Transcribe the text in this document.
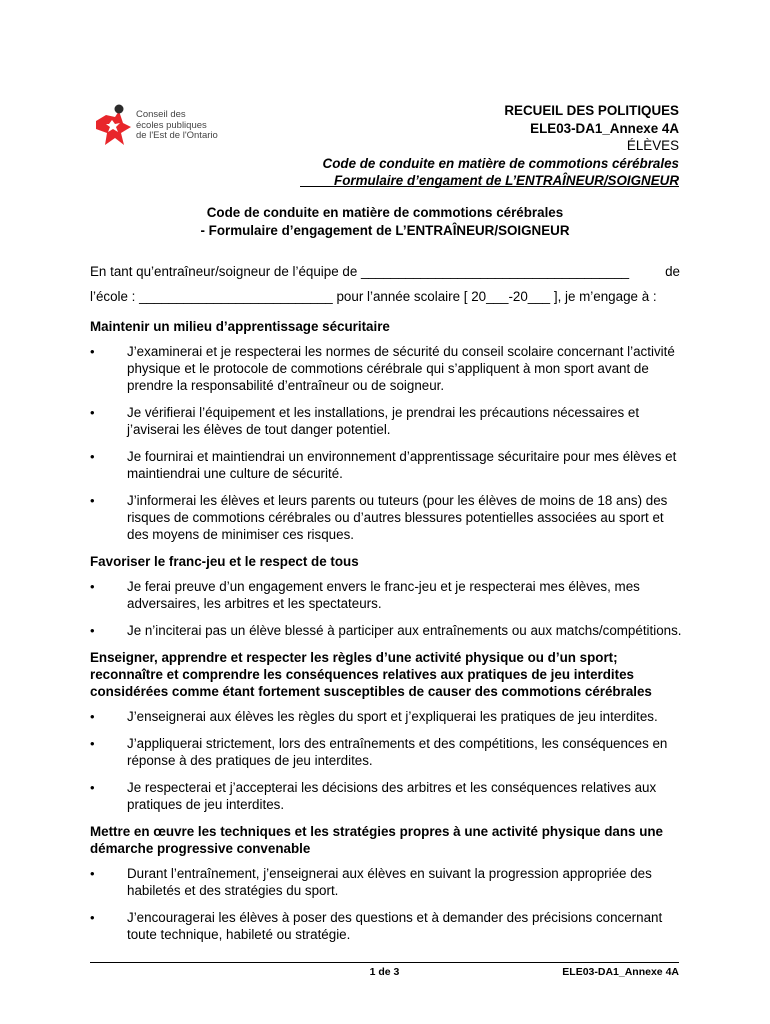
Conseil des
écoles publiques
de l'Est de l'Ontario
RECUEIL DES POLITIQUES
ELE03-DA1_Annexe 4A
ÉLÈVES
Code de conduite en matière de commotions cérébrales
Formulaire d’engament de L’ENTRAÎNEUR/SOIGNEUR
Code de conduite en matière de commotions cérébrales
- Formulaire d’engagement de L’ENTRAÎNEUR/SOIGNEUR
En tant qu’entraîneur/soigneur de l’équipe de ____________________________________	de
l’école : __________________________ pour l’année scolaire [ 20___-20___ ], je m’engage à :
Maintenir un milieu d’apprentissage sécuritaire
• J’examinerai et je respecterai les normes de sécurité du conseil scolaire concernant l’activité physique et le protocole de commotions cérébrale qui s’appliquent à mon sport avant de prendre la responsabilité d’entraîneur ou de soigneur.
• Je vérifierai l’équipement et les installations, je prendrai les précautions nécessaires et j’aviserai les élèves de tout danger potentiel.
• Je fournirai et maintiendrai un environnement d’apprentissage sécuritaire pour mes élèves et maintiendrai une culture de sécurité.
• J’informerai les élèves et leurs parents ou tuteurs (pour les élèves de moins de 18 ans) des risques de commotions cérébrales ou d’autres blessures potentielles associées au sport et des moyens de minimiser ces risques.
Favoriser le franc-jeu et le respect de tous
• Je ferai preuve d’un engagement envers le franc-jeu et je respecterai mes élèves, mes adversaires, les arbitres et les spectateurs.
• Je n’inciterai pas un élève blessé à participer aux entraînements ou aux matchs/compétitions.
Enseigner, apprendre et respecter les règles d’une activité physique ou d’un sport; reconnaître et comprendre les conséquences relatives aux pratiques de jeu interdites considérées comme étant fortement susceptibles de causer des commotions cérébrales
• J’enseignerai aux élèves les règles du sport et j’expliquerai les pratiques de jeu interdites.
• J’appliquerai strictement, lors des entraînements et des compétitions, les conséquences en réponse à des pratiques de jeu interdites.
• Je respecterai et j’accepterai les décisions des arbitres et les conséquences relatives aux pratiques de jeu interdites.
Mettre en œuvre les techniques et les stratégies propres à une activité physique dans une démarche progressive convenable
• Durant l’entraînement, j’enseignerai aux élèves en suivant la progression appropriée des habiletés et des stratégies du sport.
• J’encouragerai les élèves à poser des questions et à demander des précisions concernant toute technique, habileté ou stratégie.
1 de 3	ELE03-DA1_Annexe 4A
